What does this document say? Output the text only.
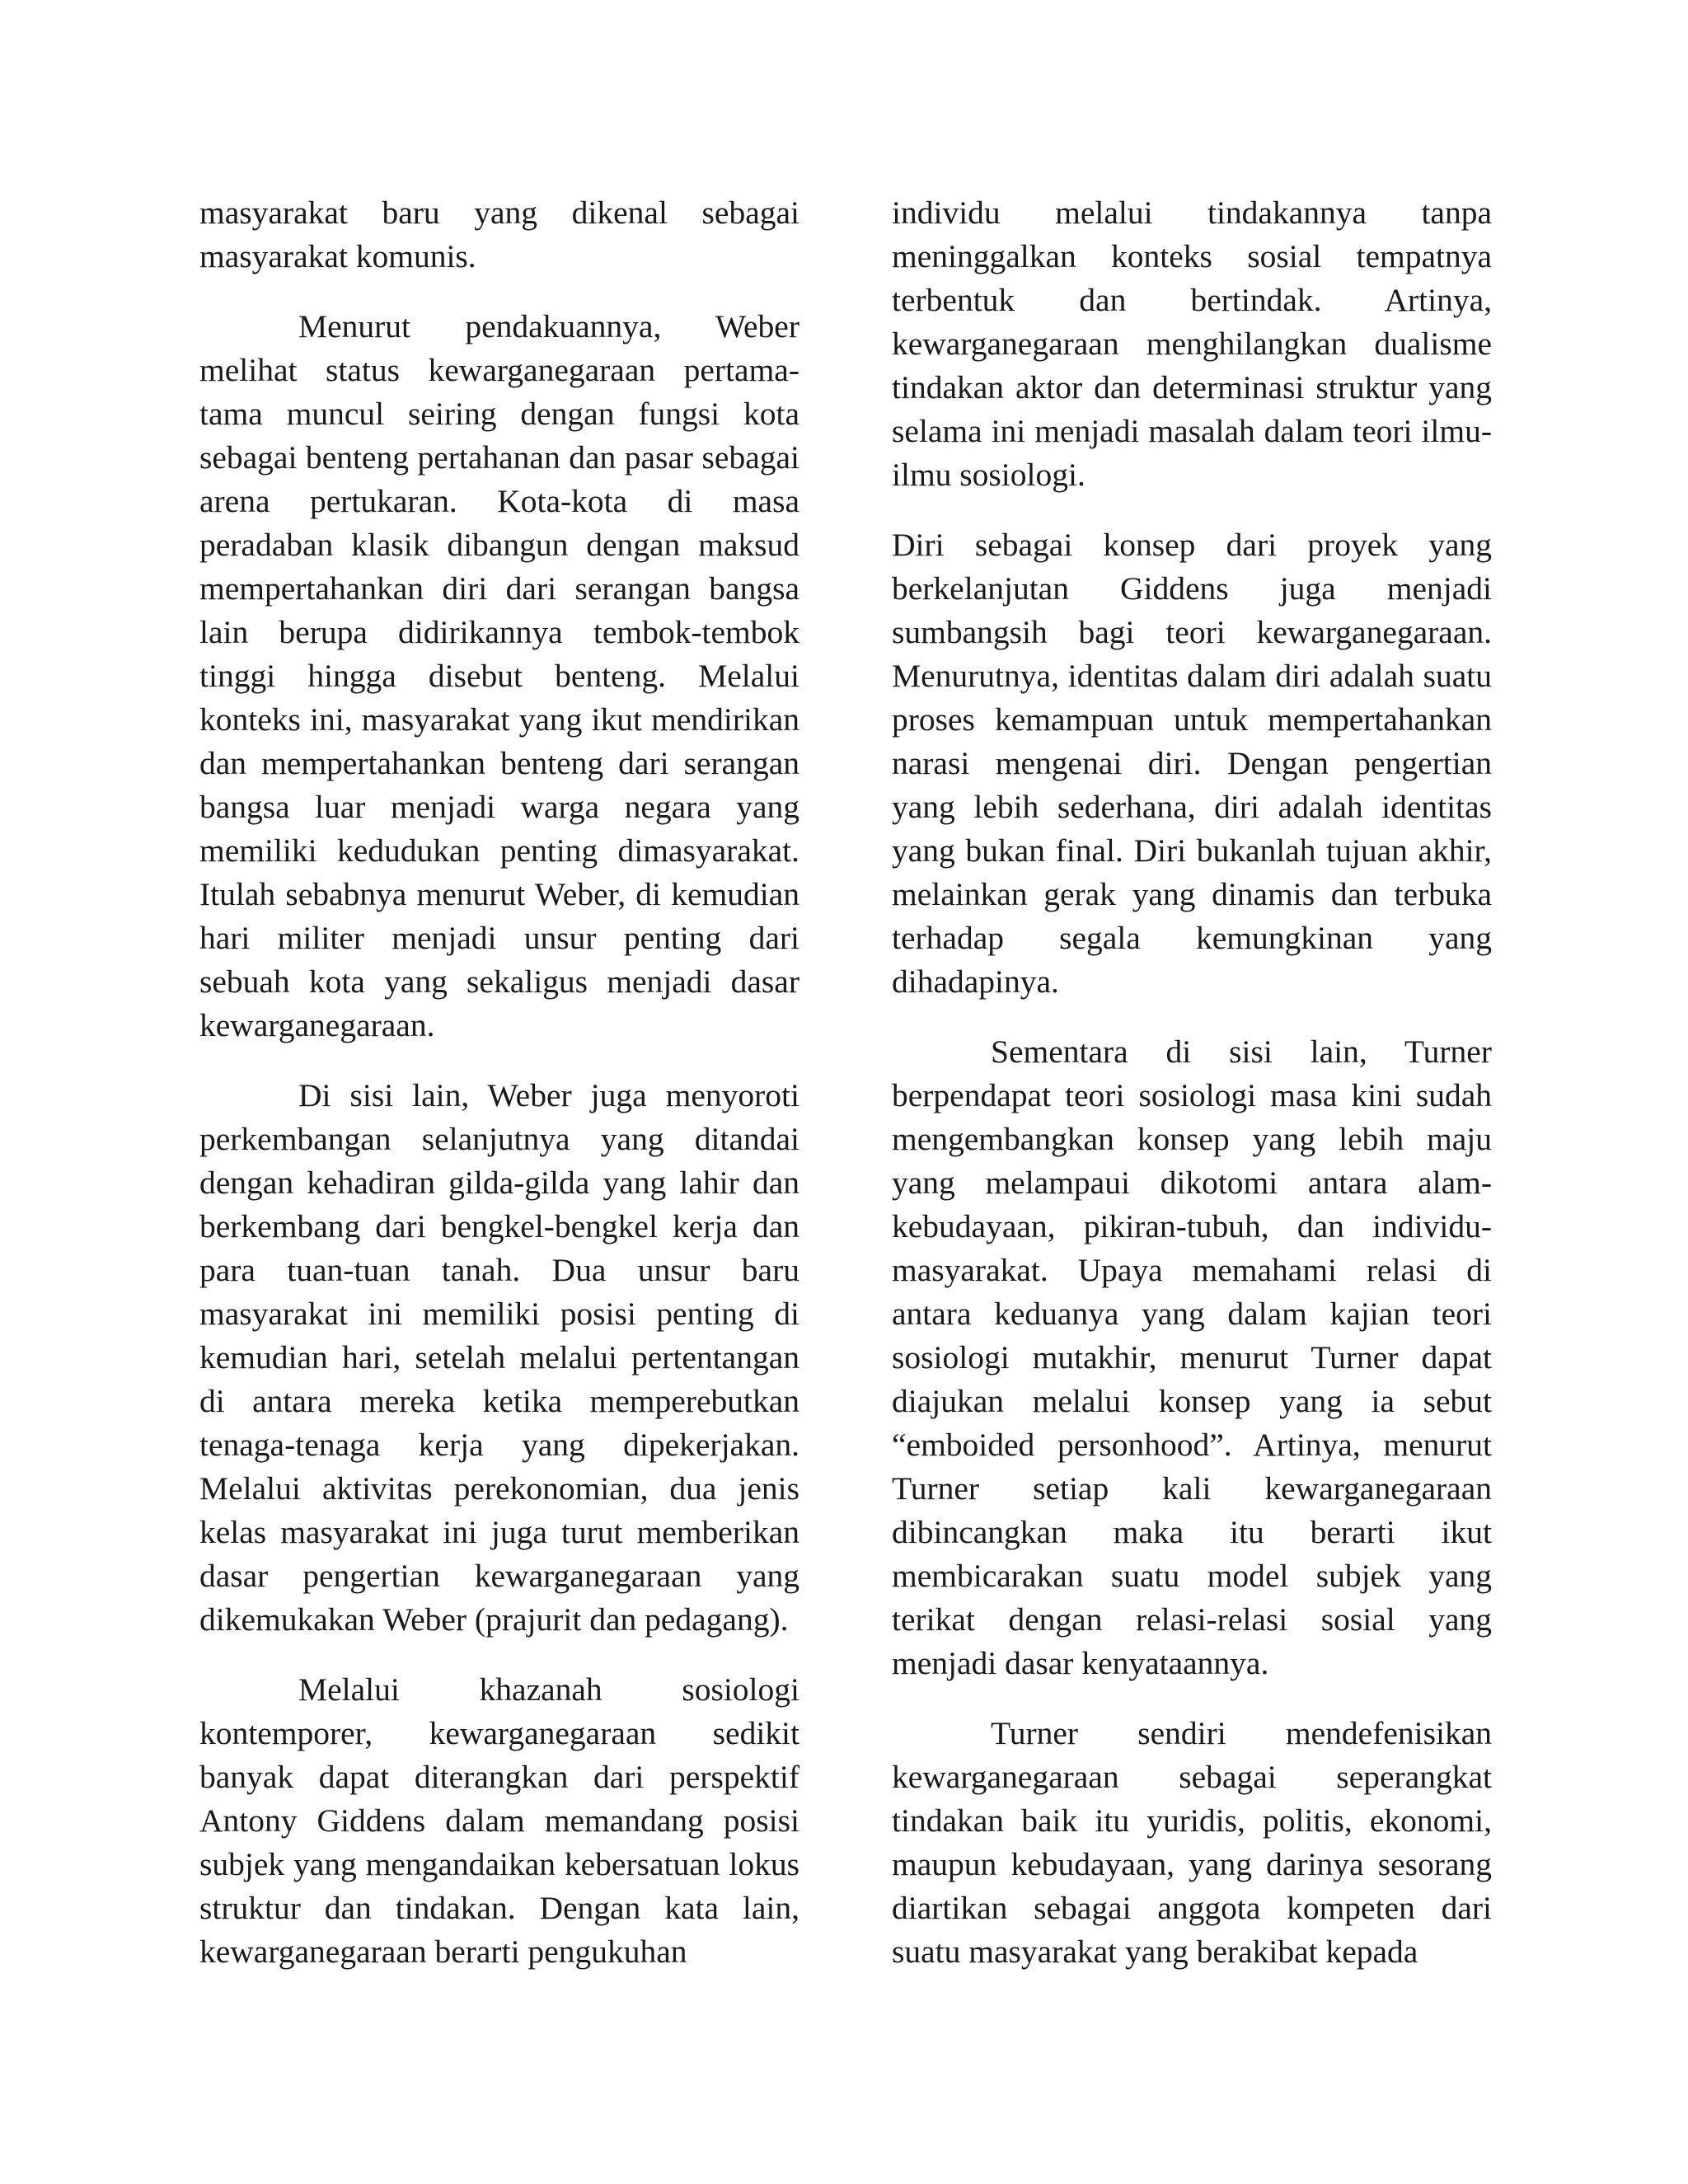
masyarakat baru yang dikenal sebagai masyarakat komunis.

Menurut pendakuannya, Weber melihat status kewarganegaraan pertama-tama muncul seiring dengan fungsi kota sebagai benteng pertahanan dan pasar sebagai arena pertukaran. Kota-kota di masa peradaban klasik dibangun dengan maksud mempertahankan diri dari serangan bangsa lain berupa didirikannya tembok-tembok tinggi hingga disebut benteng. Melalui konteks ini, masyarakat yang ikut mendirikan dan mempertahankan benteng dari serangan bangsa luar menjadi warga negara yang memiliki kedudukan penting dimasyarakat. Itulah sebabnya menurut Weber, di kemudian hari militer menjadi unsur penting dari sebuah kota yang sekaligus menjadi dasar kewarganegaraan.

Di sisi lain, Weber juga menyoroti perkembangan selanjutnya yang ditandai dengan kehadiran gilda-gilda yang lahir dan berkembang dari bengkel-bengkel kerja dan para tuan-tuan tanah. Dua unsur baru masyarakat ini memiliki posisi penting di kemudian hari, setelah melalui pertentangan di antara mereka ketika memperebutkan tenaga-tenaga kerja yang dipekerjakan. Melalui aktivitas perekonomian, dua jenis kelas masyarakat ini juga turut memberikan dasar pengertian kewarganegaraan yang dikemukakan Weber (prajurit dan pedagang).

Melalui khazanah sosiologi kontemporer, kewarganegaraan sedikit banyak dapat diterangkan dari perspektif Antony Giddens dalam memandang posisi subjek yang mengandaikan kebersatuan lokus struktur dan tindakan. Dengan kata lain, kewarganegaraan berarti pengukuhan

individu melalui tindakannya tanpa meninggalkan konteks sosial tempatnya terbentuk dan bertindak. Artinya, kewarganegaraan menghilangkan dualisme tindakan aktor dan determinasi struktur yang selama ini menjadi masalah dalam teori ilmu-ilmu sosiologi.

Diri sebagai konsep dari proyek yang berkelanjutan Giddens juga menjadi sumbangsih bagi teori kewarganegaraan. Menurutnya, identitas dalam diri adalah suatu proses kemampuan untuk mempertahankan narasi mengenai diri. Dengan pengertian yang lebih sederhana, diri adalah identitas yang bukan final. Diri bukanlah tujuan akhir, melainkan gerak yang dinamis dan terbuka terhadap segala kemungkinan yang dihadapinya.

Sementara di sisi lain, Turner berpendapat teori sosiologi masa kini sudah mengembangkan konsep yang lebih maju yang melampaui dikotomi antara alam-kebudayaan, pikiran-tubuh, dan individu-masyarakat. Upaya memahami relasi di antara keduanya yang dalam kajian teori sosiologi mutakhir, menurut Turner dapat diajukan melalui konsep yang ia sebut “emboided personhood”. Artinya, menurut Turner setiap kali kewarganegaraan dibincangkan maka itu berarti ikut membicarakan suatu model subjek yang terikat dengan relasi-relasi sosial yang menjadi dasar kenyataannya.

Turner sendiri mendefenisikan kewarganegaraan sebagai seperangkat tindakan baik itu yuridis, politis, ekonomi, maupun kebudayaan, yang darinya sesorang diartikan sebagai anggota kompeten dari suatu masyarakat yang berakibat kepada
